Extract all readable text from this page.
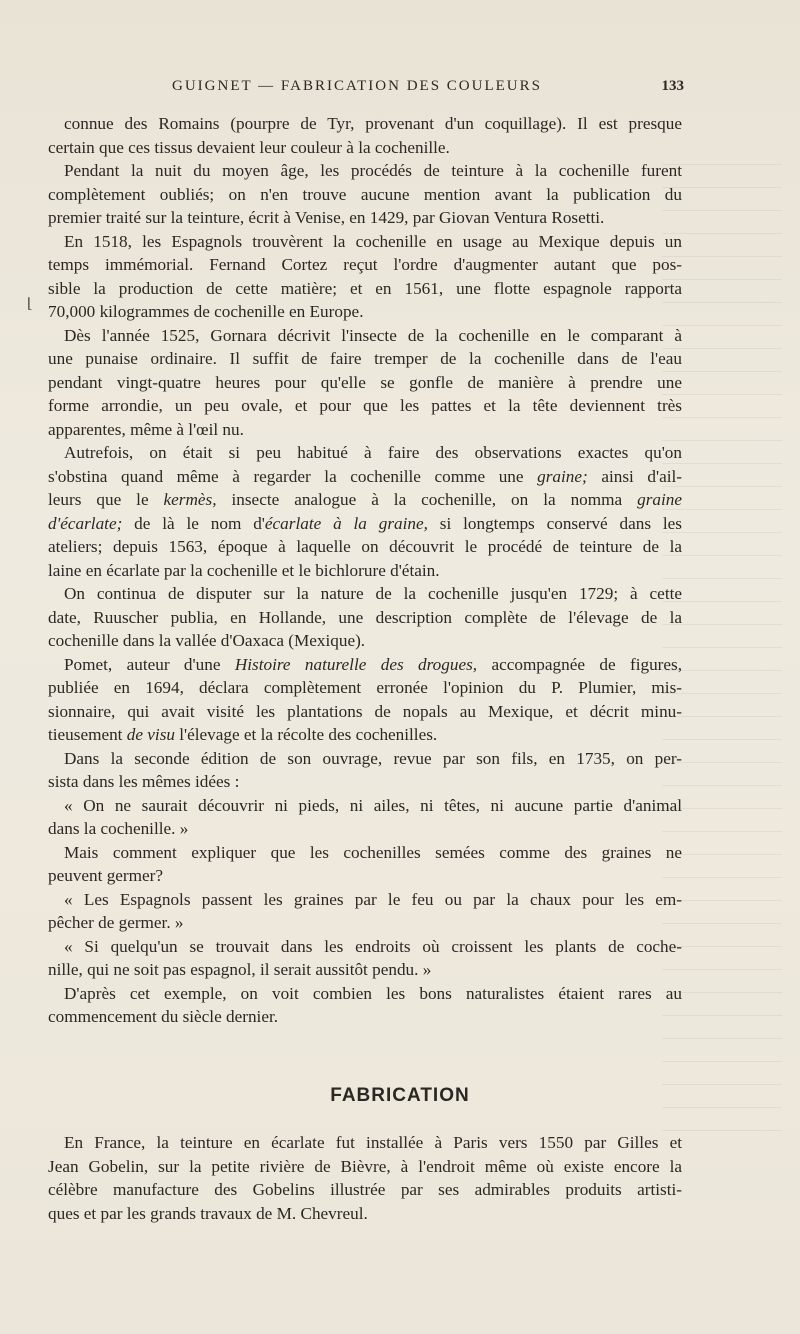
GUIGNET — FABRICATION DES COULEURS	133
⌊

connue des Romains (pourpre de Tyr, provenant d'un coquillage). Il est presque
certain que ces tissus devaient leur couleur à la cochenille.

Pendant la nuit du moyen âge, les procédés de teinture à la cochenille furent
complètement oubliés; on n'en trouve aucune mention avant la publication du
premier traité sur la teinture, écrit à Venise, en 1429, par Giovan Ventura Rosetti.

En 1518, les Espagnols trouvèrent la cochenille en usage au Mexique depuis un
temps immémorial. Fernand Cortez reçut l'ordre d'augmenter autant que pos-
sible la production de cette matière; et en 1561, une flotte espagnole rapporta
70,000 kilogrammes de cochenille en Europe.

Dès l'année 1525, Gornara décrivit l'insecte de la cochenille en le comparant à
une punaise ordinaire. Il suffit de faire tremper de la cochenille dans de l'eau
pendant vingt-quatre heures pour qu'elle se gonfle de manière à prendre une
forme arrondie, un peu ovale, et pour que les pattes et la tête deviennent très
apparentes, même à l'œil nu.

Autrefois, on était si peu habitué à faire des observations exactes qu'on
s'obstina quand même à regarder la cochenille comme une graine; ainsi d'ail-
leurs que le kermès, insecte analogue à la cochenille, on la nomma graine
d'écarlate; de là le nom d'écarlate à la graine, si longtemps conservé dans les
ateliers; depuis 1563, époque à laquelle on découvrit le procédé de teinture de la
laine en écarlate par la cochenille et le bichlorure d'étain.

On continua de disputer sur la nature de la cochenille jusqu'en 1729; à cette
date, Ruuscher publia, en Hollande, une description complète de l'élevage de la
cochenille dans la vallée d'Oaxaca (Mexique).

Pomet, auteur d'une Histoire naturelle des drogues, accompagnée de figures,
publiée en 1694, déclara complètement erronée l'opinion du P. Plumier, mis-
sionnaire, qui avait visité les plantations de nopals au Mexique, et décrit minu-
tieusement de visu l'élevage et la récolte des cochenilles.

Dans la seconde édition de son ouvrage, revue par son fils, en 1735, on per-
sista dans les mêmes idées :

« On ne saurait découvrir ni pieds, ni ailes, ni têtes, ni aucune partie d'animal
dans la cochenille. »

Mais comment expliquer que les cochenilles semées comme des graines ne
peuvent germer?

« Les Espagnols passent les graines par le feu ou par la chaux pour les em-
pêcher de germer. »

« Si quelqu'un se trouvait dans les endroits où croissent les plants de coche-
nille, qui ne soit pas espagnol, il serait aussitôt pendu. »

D'après cet exemple, on voit combien les bons naturalistes étaient rares au
commencement du siècle dernier.

FABRICATION

En France, la teinture en écarlate fut installée à Paris vers 1550 par Gilles et
Jean Gobelin, sur la petite rivière de Bièvre, à l'endroit même où existe encore la
célèbre manufacture des Gobelins illustrée par ses admirables produits artisti-
ques et par les grands travaux de M. Chevreul.
